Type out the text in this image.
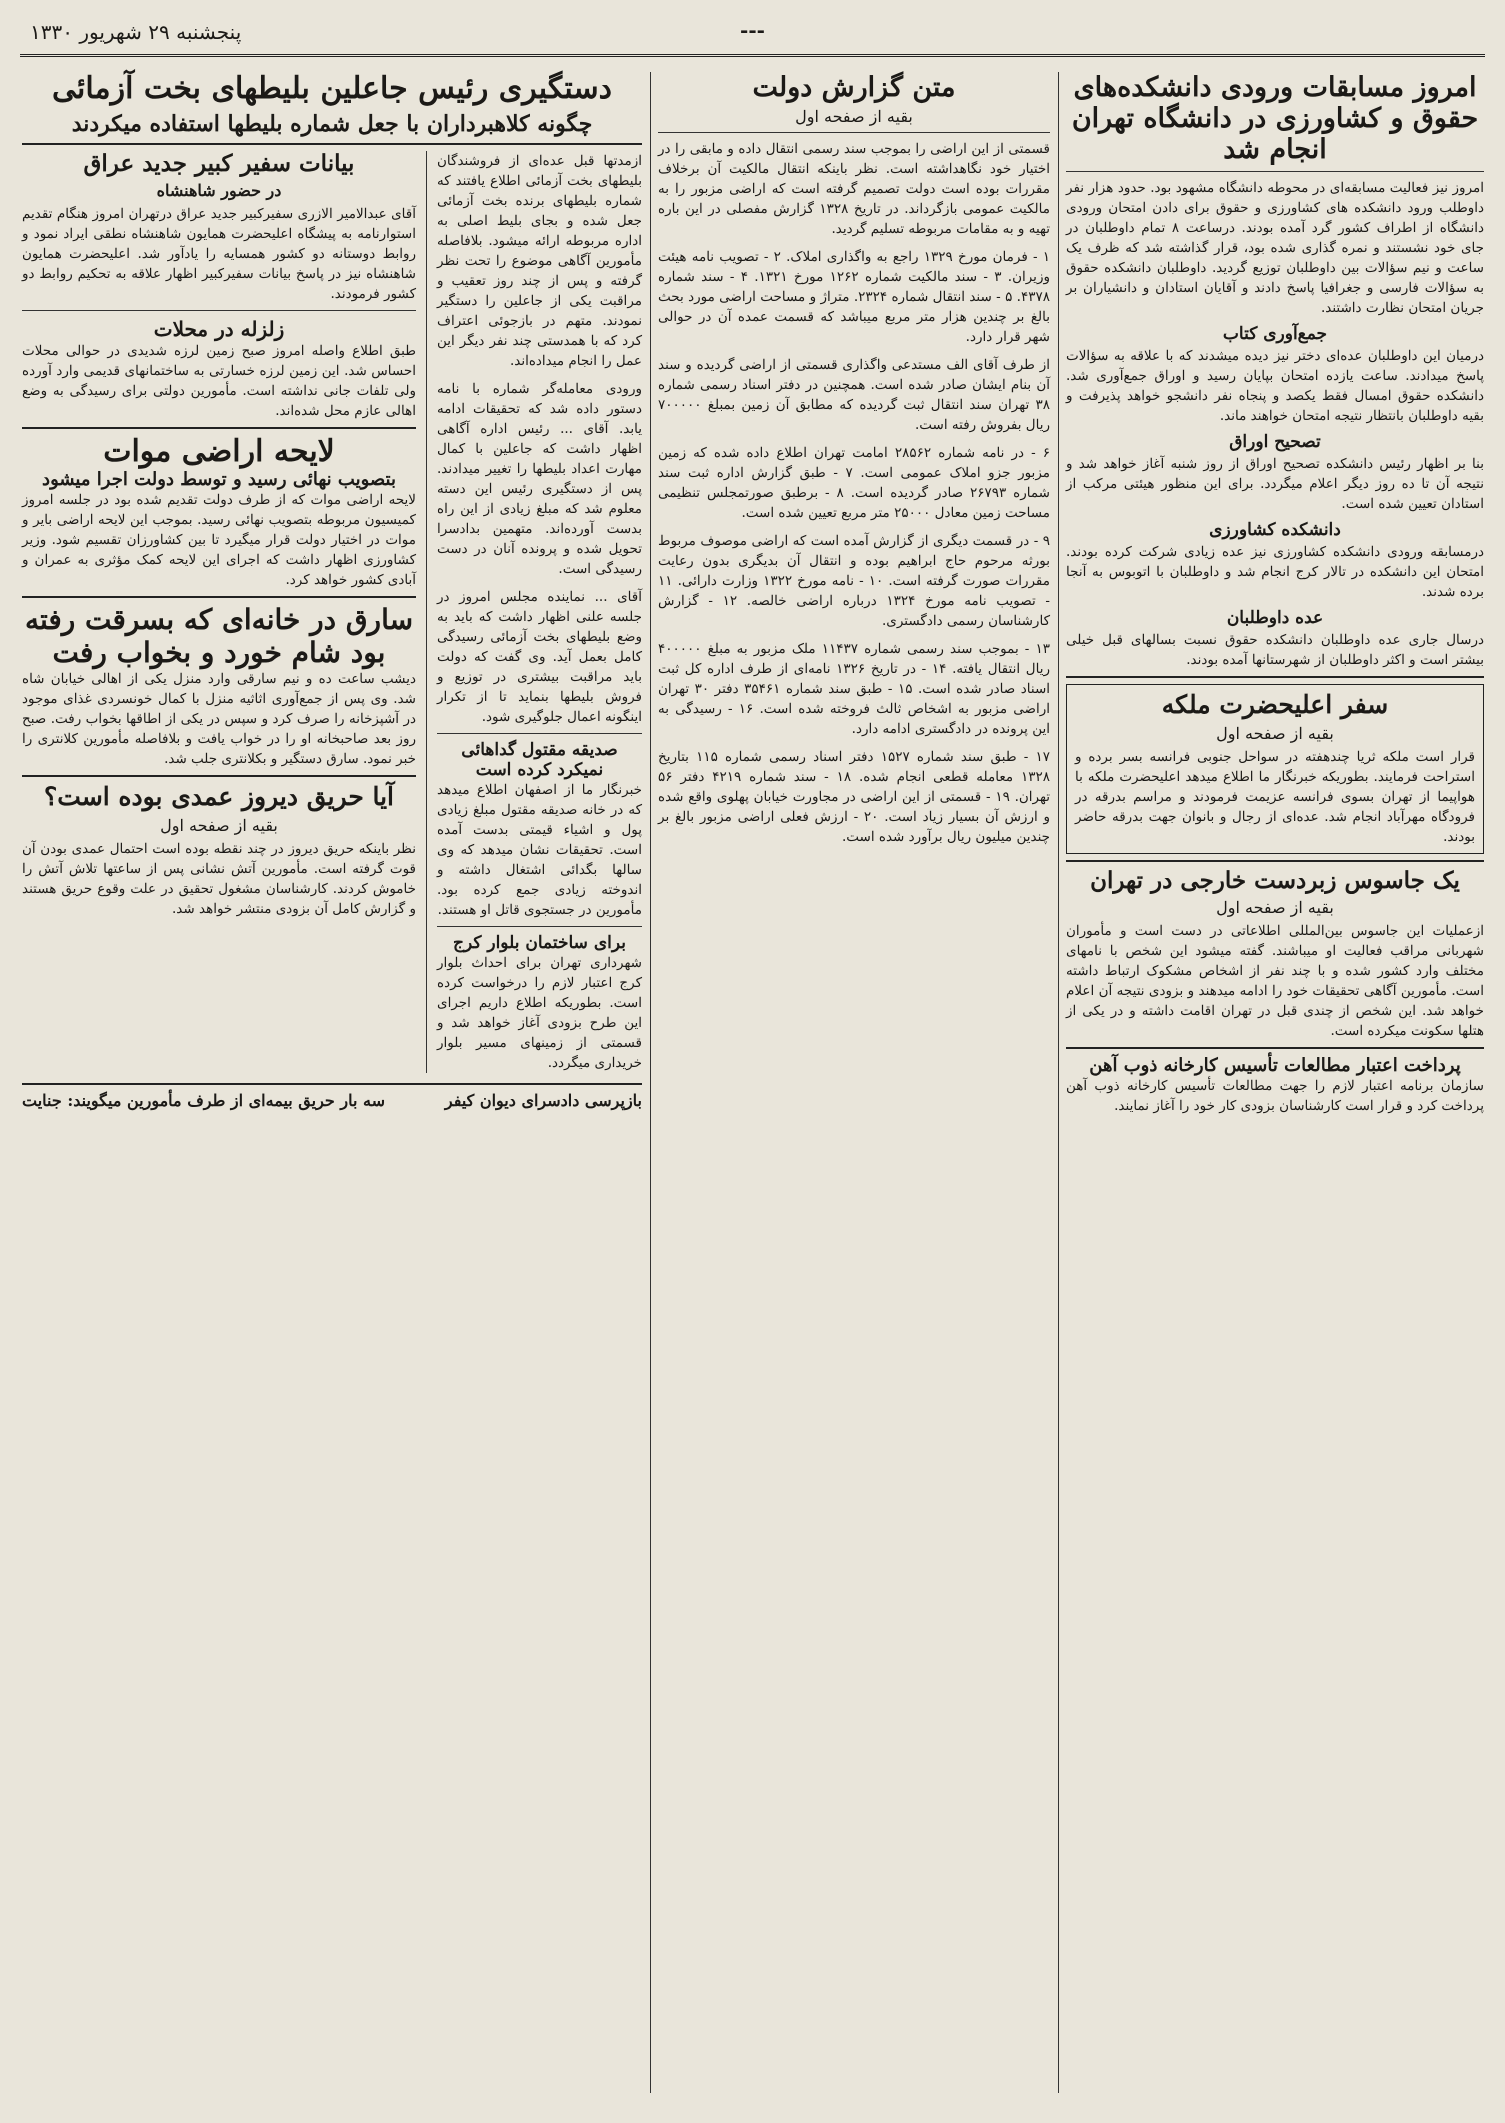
پنجشنبه ۲۹ شهریور ۱۳۳۰	---
امروز مسابقات ورودی دانشکده‌های حقوق و کشاورزی در دانشگاه تهران انجام شد

امروز نیز فعالیت مسابقه‌ای در محوطه دانشگاه مشهود بود. حدود هزار نفر داوطلب ورود دانشکده های کشاورزی و حقوق برای دادن امتحان ورودی دانشگاه از اطراف کشور گرد آمده بودند. درساعت ۸ تمام داوطلبان در جای خود نشستند و نمره گذاری شده بود، قرار گذاشته شد که ظرف یک ساعت و نیم سؤالات بین داوطلبان توزیع گردید. داوطلبان دانشکده حقوق به سؤالات فارسی و جغرافیا پاسخ دادند و آقایان استادان و دانشیاران بر جریان امتحان نظارت داشتند.

جمع‌آوری کتاب

درمیان این داوطلبان عده‌ای دختر نیز دیده میشدند که با علاقه به سؤالات پاسخ میدادند. ساعت یازده امتحان بپایان رسید و اوراق جمع‌آوری شد. دانشکده حقوق امسال فقط یکصد و پنجاه نفر دانشجو خواهد پذیرفت و بقیه داوطلبان بانتظار نتیجه امتحان خواهند ماند.

تصحیح اوراق

بنا بر اظهار رئیس دانشکده تصحیح اوراق از روز شنبه آغاز خواهد شد و نتیجه آن تا ده روز دیگر اعلام میگردد. برای این منظور هیئتی مرکب از استادان تعیین شده است.

دانشکده کشاورزی

درمسابقه ورودی دانشکده کشاورزی نیز عده زیادی شرکت کرده بودند. امتحان این دانشکده در تالار کرج انجام شد و داوطلبان با اتوبوس به آنجا برده شدند.

عده داوطلبان

درسال جاری عده داوطلبان دانشکده حقوق نسبت بسالهای قبل خیلی بیشتر است و اکثر داوطلبان از شهرستانها آمده بودند.

سفر اعلیحضرت ملکه
بقیه از صفحه اول

قرار است ملکه ثریا چندهفته در سواحل جنوبی فرانسه بسر برده و استراحت فرمایند. بطوریکه خبرنگار ما اطلاع میدهد اعلیحضرت ملکه با هواپیما از تهران بسوی فرانسه عزیمت فرمودند و مراسم بدرقه در فرودگاه مهرآباد انجام شد. عده‌ای از رجال و بانوان جهت بدرقه حاضر بودند.

یک جاسوس زبردست خارجی در تهران
بقیه از صفحه اول

ازعملیات این جاسوس بین‌المللی اطلاعاتی در دست است و مأموران شهربانی مراقب فعالیت او میباشند. گفته میشود این شخص با نامهای مختلف وارد کشور شده و با چند نفر از اشخاص مشکوک ارتباط داشته است. مأمورین آگاهی تحقیقات خود را ادامه میدهند و بزودی نتیجه آن اعلام خواهد شد. این شخص از چندی قبل در تهران اقامت داشته و در یکی از هتلها سکونت میکرده است.

پرداخت اعتبار مطالعات تأسیس کارخانه ذوب آهن

سازمان برنامه اعتبار لازم را جهت مطالعات تأسیس کارخانه ذوب آهن پرداخت کرد و قرار است کارشناسان بزودی کار خود را آغاز نمایند.

متن گزارش دولت
بقیه از صفحه اول

قسمتی از این اراضی را بموجب سند رسمی انتقال داده و مابقی را در اختیار خود نگاهداشته است. نظر باینکه انتقال مالکیت آن برخلاف مقررات بوده است دولت تصمیم گرفته است که اراضی مزبور را به مالکیت عمومی بازگرداند. در تاریخ ۱۳۲۸ گزارش مفصلی در این باره تهیه و به مقامات مربوطه تسلیم گردید.

۱ - فرمان مورخ ۱۳۲۹ راجع به واگذاری املاک. ۲ - تصویب نامه هیئت وزیران. ۳ - سند مالکیت شماره ۱۲۶۲ مورخ ۱۳۲۱. ۴ - سند شماره ۴۳۷۸. ۵ - سند انتقال شماره ۲۳۲۴. متراژ و مساحت اراضی مورد بحث بالغ بر چندین هزار متر مربع میباشد که قسمت عمده آن در حوالی شهر قرار دارد.

از طرف آقای الف مستدعی واگذاری قسمتی از اراضی گردیده و سند آن بنام ایشان صادر شده است. همچنین در دفتر اسناد رسمی شماره ۳۸ تهران سند انتقال ثبت گردیده که مطابق آن زمین بمبلغ ۷۰۰۰۰۰ ریال بفروش رفته است.

۶ - در نامه شماره ۲۸۵۶۲ امامت تهران اطلاع داده شده که زمین مزبور جزو املاک عمومی است. ۷ - طبق گزارش اداره ثبت سند شماره ۲۶۷۹۳ صادر گردیده است. ۸ - برطبق صورتمجلس تنظیمی مساحت زمین معادل ۲۵۰۰۰ متر مربع تعیین شده است.

۹ - در قسمت دیگری از گزارش آمده است که اراضی موصوف مربوط بورثه مرحوم حاج ابراهیم بوده و انتقال آن بدیگری بدون رعایت مقررات صورت گرفته است. ۱۰ - نامه مورخ ۱۳۲۲ وزارت دارائی. ۱۱ - تصویب نامه مورخ ۱۳۲۴ درباره اراضی خالصه. ۱۲ - گزارش کارشناسان رسمی دادگستری.

۱۳ - بموجب سند رسمی شماره ۱۱۴۳۷ ملک مزبور به مبلغ ۴۰۰۰۰۰ ریال انتقال یافته. ۱۴ - در تاریخ ۱۳۲۶ نامه‌ای از طرف اداره کل ثبت اسناد صادر شده است. ۱۵ - طبق سند شماره ۳۵۴۶۱ دفتر ۳۰ تهران اراضی مزبور به اشخاص ثالث فروخته شده است. ۱۶ - رسیدگی به این پرونده در دادگستری ادامه دارد.

۱۷ - طبق سند شماره ۱۵۲۷ دفتر اسناد رسمی شماره ۱۱۵ بتاریخ ۱۳۲۸ معامله قطعی انجام شده. ۱۸ - سند شماره ۴۲۱۹ دفتر ۵۶ تهران. ۱۹ - قسمتی از این اراضی در مجاورت خیابان پهلوی واقع شده و ارزش آن بسیار زیاد است. ۲۰ - ارزش فعلی اراضی مزبور بالغ بر چندین میلیون ریال برآورد شده است.

دستگیری رئیس جاعلین بلیطهای بخت آزمائی
چگونه کلاهبرداران با جعل شماره بلیطها استفاده میکردند

ازمدتها قبل عده‌ای از فروشندگان بلیطهای بخت آزمائی اطلاع یافتند که شماره بلیطهای برنده بخت آزمائی جعل شده و بجای بلیط اصلی به اداره مربوطه ارائه میشود. بلافاصله مأمورین آگاهی موضوع را تحت نظر گرفته و پس از چند روز تعقیب و مراقبت یکی از جاعلین را دستگیر نمودند. متهم در بازجوئی اعتراف کرد که با همدستی چند نفر دیگر این عمل را انجام میداده‌اند.

ورودی معامله‌گر شماره با نامه دستور داده شد که تحقیقات ادامه یابد. آقای ... رئیس اداره آگاهی اظهار داشت که جاعلین با کمال مهارت اعداد بلیطها را تغییر میدادند. پس از دستگیری رئیس این دسته معلوم شد که مبلغ زیادی از این راه بدست آورده‌اند. متهمین بدادسرا تحویل شده و پرونده آنان در دست رسیدگی است.

آقای ... نماینده مجلس امروز در جلسه علنی اظهار داشت که باید به وضع بلیطهای بخت آزمائی رسیدگی کامل بعمل آید. وی گفت که دولت باید مراقبت بیشتری در توزیع و فروش بلیطها بنماید تا از تکرار اینگونه اعمال جلوگیری شود.

صدیقه مقتول گداهائی نمیکرد کرده است

خبرنگار ما از اصفهان اطلاع میدهد که در خانه صدیقه مقتول مبلغ زیادی پول و اشیاء قیمتی بدست آمده است. تحقیقات نشان میدهد که وی سالها بگدائی اشتغال داشته و اندوخته زیادی جمع کرده بود. مأمورین در جستجوی قاتل او هستند.

برای ساختمان بلوار کرج

شهرداری تهران برای احداث بلوار کرج اعتبار لازم را درخواست کرده است. بطوریکه اطلاع داریم اجرای این طرح بزودی آغاز خواهد شد و قسمتی از زمینهای مسیر بلوار خریداری میگردد.

بیانات سفیر کبیر جدید عراق
در حضور شاهنشاه

آقای عبدالامیر الازری سفیرکبیر جدید عراق درتهران امروز هنگام تقدیم استوارنامه به پیشگاه اعلیحضرت همایون شاهنشاه نطقی ایراد نمود و روابط دوستانه دو کشور همسایه را یادآور شد. اعلیحضرت همایون شاهنشاه نیز در پاسخ بیانات سفیرکبیر اظهار علاقه به تحکیم روابط دو کشور فرمودند.

زلزله در محلات

طبق اطلاع واصله امروز صبح زمین لرزه شدیدی در حوالی محلات احساس شد. این زمین لرزه خسارتی به ساختمانهای قدیمی وارد آورده ولی تلفات جانی نداشته است. مأمورین دولتی برای رسیدگی به وضع اهالی عازم محل شده‌اند.

لایحه اراضی موات
بتصویب نهائی رسید و توسط دولت اجرا میشود

لایحه اراضی موات که از طرف دولت تقدیم شده بود در جلسه امروز کمیسیون مربوطه بتصویب نهائی رسید. بموجب این لایحه اراضی بایر و موات در اختیار دولت قرار میگیرد تا بین کشاورزان تقسیم شود. وزیر کشاورزی اظهار داشت که اجرای این لایحه کمک مؤثری به عمران و آبادی کشور خواهد کرد.

سارق در خانه‌ای که بسرقت رفته بود شام خورد و بخواب رفت

دیشب ساعت ده و نیم سارقی وارد منزل یکی از اهالی خیابان شاه شد. وی پس از جمع‌آوری اثاثیه منزل با کمال خونسردی غذای موجود در آشپزخانه را صرف کرد و سپس در یکی از اطاقها بخواب رفت. صبح روز بعد صاحبخانه او را در خواب یافت و بلافاصله مأمورین کلانتری را خبر نمود. سارق دستگیر و بکلانتری جلب شد.

آیا حریق دیروز عمدی بوده است؟
بقیه از صفحه اول

نظر باینکه حریق دیروز در چند نقطه بوده است احتمال عمدی بودن آن قوت گرفته است. مأمورین آتش نشانی پس از ساعتها تلاش آتش را خاموش کردند. کارشناسان مشغول تحقیق در علت وقوع حریق هستند و گزارش کامل آن بزودی منتشر خواهد شد.

بازپرسی دادسرای دیوان کیفر
سه بار حریق بیمه‌ای از طرف مأمورین میگویند: جنایت
